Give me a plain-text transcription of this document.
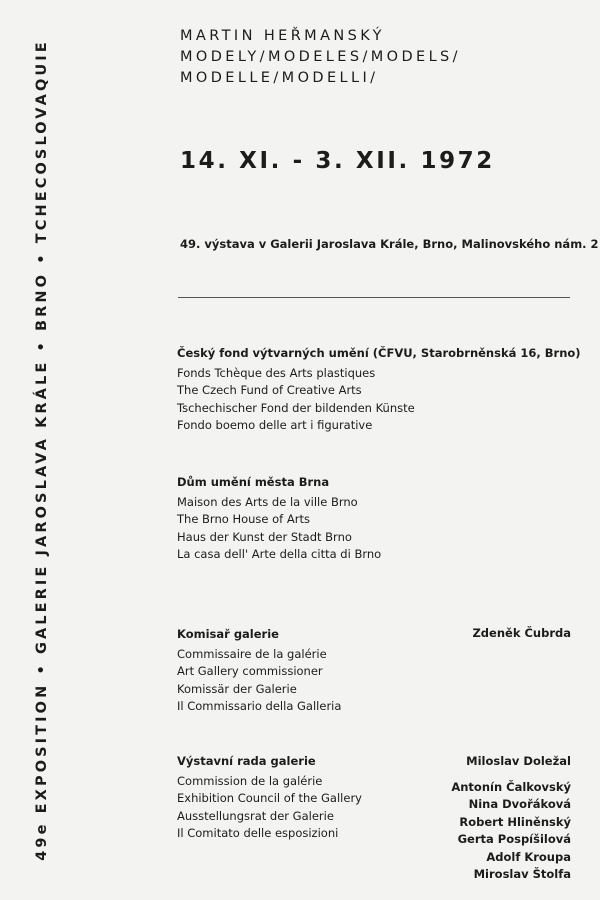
49e EXPOSITION • GALERIE JAROSLAVA KRÁLE • BRNO • TCHECOSLOVAQUIE
MARTIN HEŘMANSKÝ
MODELY/MODELES/MODELS/
MODELLE/MODELLI/
14. XI. - 3. XII. 1972
49. výstava v Galerii Jaroslava Krále, Brno, Malinovského nám. 2
Český fond výtvarných umění (ČFVU, Starobrněnská 16, Brno)
Fonds Tchèque des Arts plastiques
The Czech Fund of Creative Arts
Tschechischer Fond der bildenden Künste
Fondo boemo delle art i figurative
Dům umění města Brna
Maison des Arts de la ville Brno
The Brno House of Arts
Haus der Kunst der Stadt Brno
La casa dell' Arte della citta di Brno
Komisař galerie	Zdeněk Čubrda
Commissaire de la galérie
Art Gallery commissioner
Komissär der Galerie
Il Commissario della Galleria
Výstavní rada galerie
Commission de la galérie
Exhibition Council of the Gallery
Ausstellungsrat der Galerie
Il Comitato delle esposizioni
Miloslav Doležal
Antonín Čalkovský
Nina Dvořáková
Robert Hliněnský
Gerta Pospíšilová
Adolf Kroupa
Miroslav Štolfa
